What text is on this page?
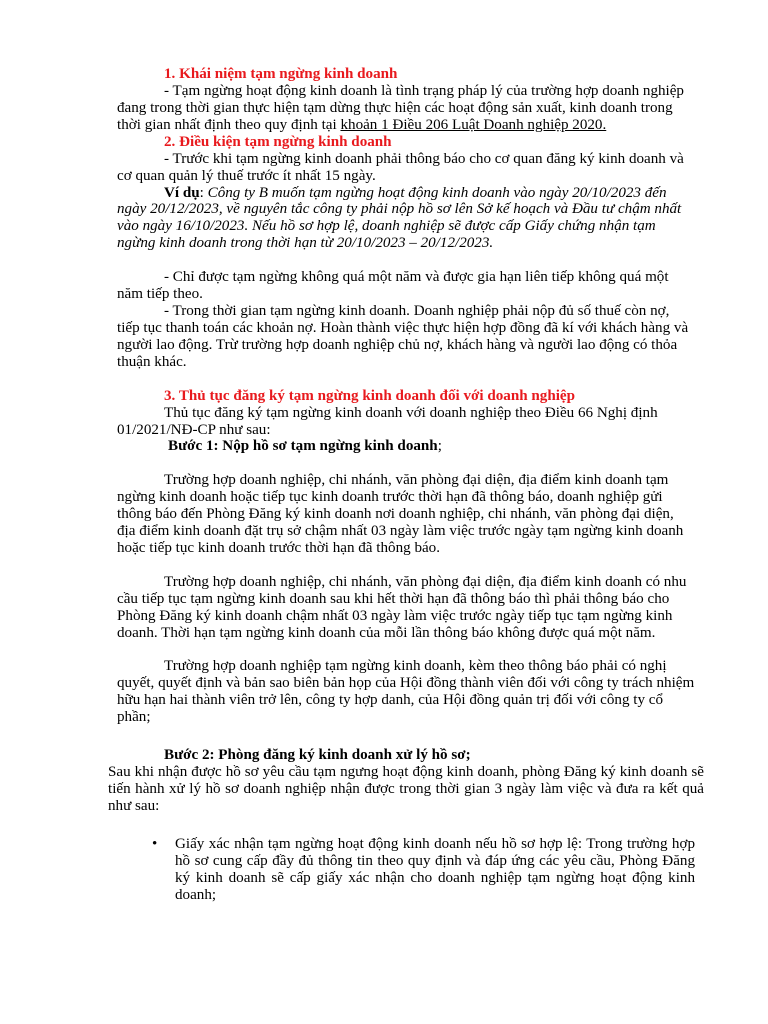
1. Khái niệm tạm ngừng kinh doanh

- Tạm ngừng hoạt động kinh doanh là tình trạng pháp lý của trường hợp doanh nghiệp đang trong thời gian thực hiện tạm dừng thực hiện các hoạt động sản xuất, kinh doanh trong thời gian nhất định theo quy định tại khoản 1 Điều 206 Luật Doanh nghiệp 2020.

2. Điều kiện tạm ngừng kinh doanh

- Trước khi tạm ngừng kinh doanh phải thông báo cho cơ quan đăng ký kinh doanh và cơ quan quản lý thuế trước ít nhất 15 ngày.

Ví dụ: Công ty B muốn tạm ngừng hoạt động kinh doanh vào ngày 20/10/2023 đến ngày 20/12/2023, về nguyên tắc công ty phải nộp hồ sơ lên Sở kế hoạch và Đầu tư chậm nhất vào ngày 16/10/2023. Nếu hồ sơ hợp lệ, doanh nghiệp sẽ được cấp Giấy chứng nhận tạm ngừng kinh doanh trong thời hạn từ 20/10/2023 – 20/12/2023.

- Chỉ được tạm ngừng không quá một năm và được gia hạn liên tiếp không quá một năm tiếp theo.

- Trong thời gian tạm ngừng kinh doanh. Doanh nghiệp phải nộp đủ số thuế còn nợ, tiếp tục thanh toán các khoản nợ. Hoàn thành việc thực hiện hợp đồng đã kí với khách hàng và người lao động. Trừ trường hợp doanh nghiệp chủ nợ, khách hàng và người lao động có thỏa thuận khác.

3. Thủ tục đăng ký tạm ngừng kinh doanh đối với doanh nghiệp

Thủ tục đăng ký tạm ngừng kinh doanh với doanh nghiệp theo Điều 66 Nghị định 01/2021/NĐ-CP như sau:

Bước 1: Nộp hồ sơ tạm ngừng kinh doanh;

Trường hợp doanh nghiệp, chi nhánh, văn phòng đại diện, địa điểm kinh doanh tạm ngừng kinh doanh hoặc tiếp tục kinh doanh trước thời hạn đã thông báo, doanh nghiệp gửi thông báo đến Phòng Đăng ký kinh doanh nơi doanh nghiệp, chi nhánh, văn phòng đại diện, địa điểm kinh doanh đặt trụ sở chậm nhất 03 ngày làm việc trước ngày tạm ngừng kinh doanh hoặc tiếp tục kinh doanh trước thời hạn đã thông báo.

Trường hợp doanh nghiệp, chi nhánh, văn phòng đại diện, địa điểm kinh doanh có nhu cầu tiếp tục tạm ngừng kinh doanh sau khi hết thời hạn đã thông báo thì phải thông báo cho Phòng Đăng ký kinh doanh chậm nhất 03 ngày làm việc trước ngày tiếp tục tạm ngừng kinh doanh. Thời hạn tạm ngừng kinh doanh của mỗi lần thông báo không được quá một năm.

Trường hợp doanh nghiệp tạm ngừng kinh doanh, kèm theo thông báo phải có nghị quyết, quyết định và bản sao biên bản họp của Hội đồng thành viên đối với công ty trách nhiệm hữu hạn hai thành viên trở lên, công ty hợp danh, của Hội đồng quản trị đối với công ty cổ phần;

Bước 2: Phòng đăng ký kinh doanh xử lý hồ sơ;

Sau khi nhận được hồ sơ yêu cầu tạm ngưng hoạt động kinh doanh, phòng Đăng ký kinh doanh sẽ tiến hành xử lý hồ sơ doanh nghiệp nhận được trong thời gian 3 ngày làm việc và đưa ra kết quả như sau:

• Giấy xác nhận tạm ngừng hoạt động kinh doanh nếu hồ sơ hợp lệ: Trong trường hợp hồ sơ cung cấp đầy đủ thông tin theo quy định và đáp ứng các yêu cầu, Phòng Đăng ký kinh doanh sẽ cấp giấy xác nhận cho doanh nghiệp tạm ngừng hoạt động kinh doanh;
